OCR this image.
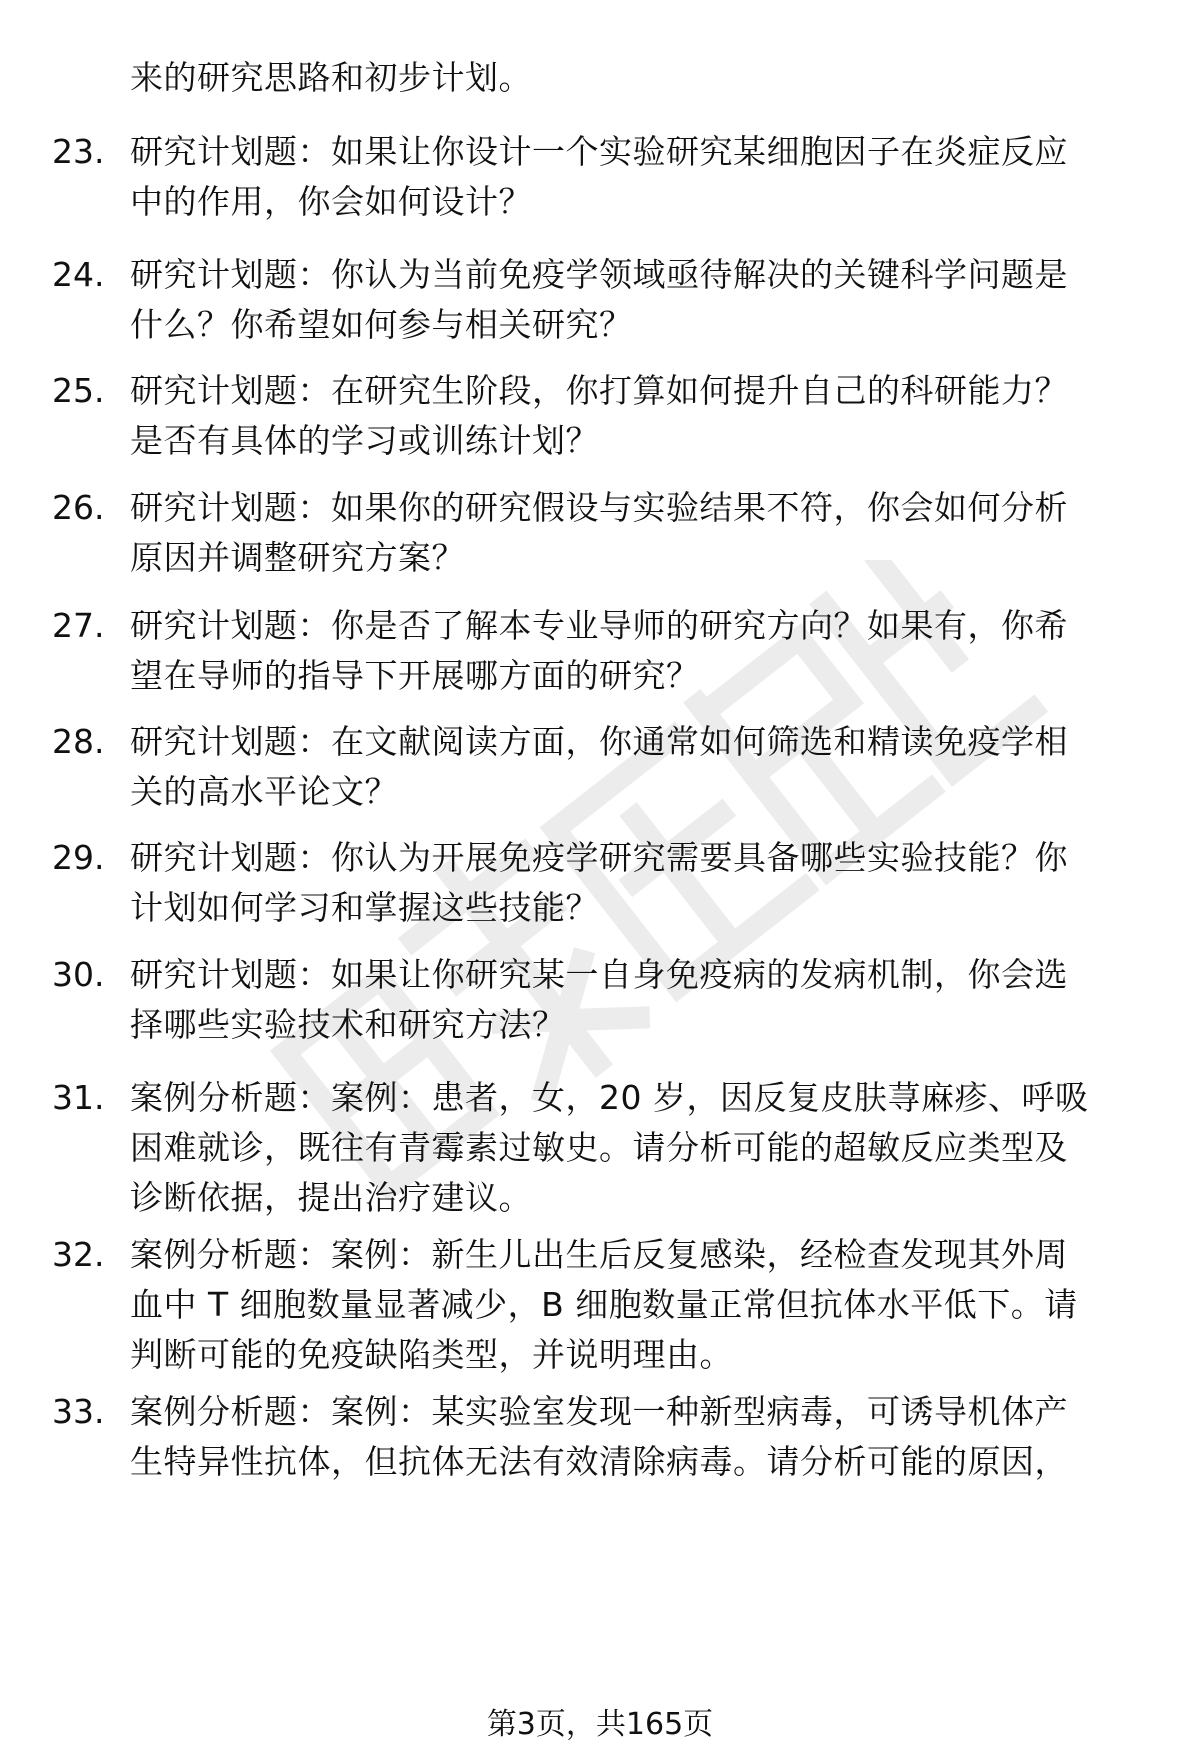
来的研究思路和初步计划。
23. 研究计划题：如果让你设计一个实验研究某细胞因子在炎症反应
中的作用，你会如何设计？
24. 研究计划题：你认为当前免疫学领域亟待解决的关键科学问题是
什么？你希望如何参与相关研究？
25. 研究计划题：在研究生阶段，你打算如何提升自己的科研能力？
是否有具体的学习或训练计划？
26. 研究计划题：如果你的研究假设与实验结果不符，你会如何分析
原因并调整研究方案？
27. 研究计划题：你是否了解本专业导师的研究方向？如果有，你希
望在导师的指导下开展哪方面的研究？
28. 研究计划题：在文献阅读方面，你通常如何筛选和精读免疫学相
关的高水平论文？
29. 研究计划题：你认为开展免疫学研究需要具备哪些实验技能？你
计划如何学习和掌握这些技能？
30. 研究计划题：如果让你研究某一自身免疫病的发病机制，你会选
择哪些实验技术和研究方法？
31. 案例分析题：案例：患者，女，20 岁，因反复皮肤荨麻疹、呼吸
困难就诊，既往有青霉素过敏史。请分析可能的超敏反应类型及
诊断依据，提出治疗建议。
32. 案例分析题：案例：新生儿出生后反复感染，经检查发现其外周
血中 T 细胞数量显著减少，B 细胞数量正常但抗体水平低下。请
判断可能的免疫缺陷类型，并说明理由。
33. 案例分析题：案例：某实验室发现一种新型病毒，可诱导机体产
生特异性抗体，但抗体无法有效清除病毒。请分析可能的原因，
第3页，共165页
